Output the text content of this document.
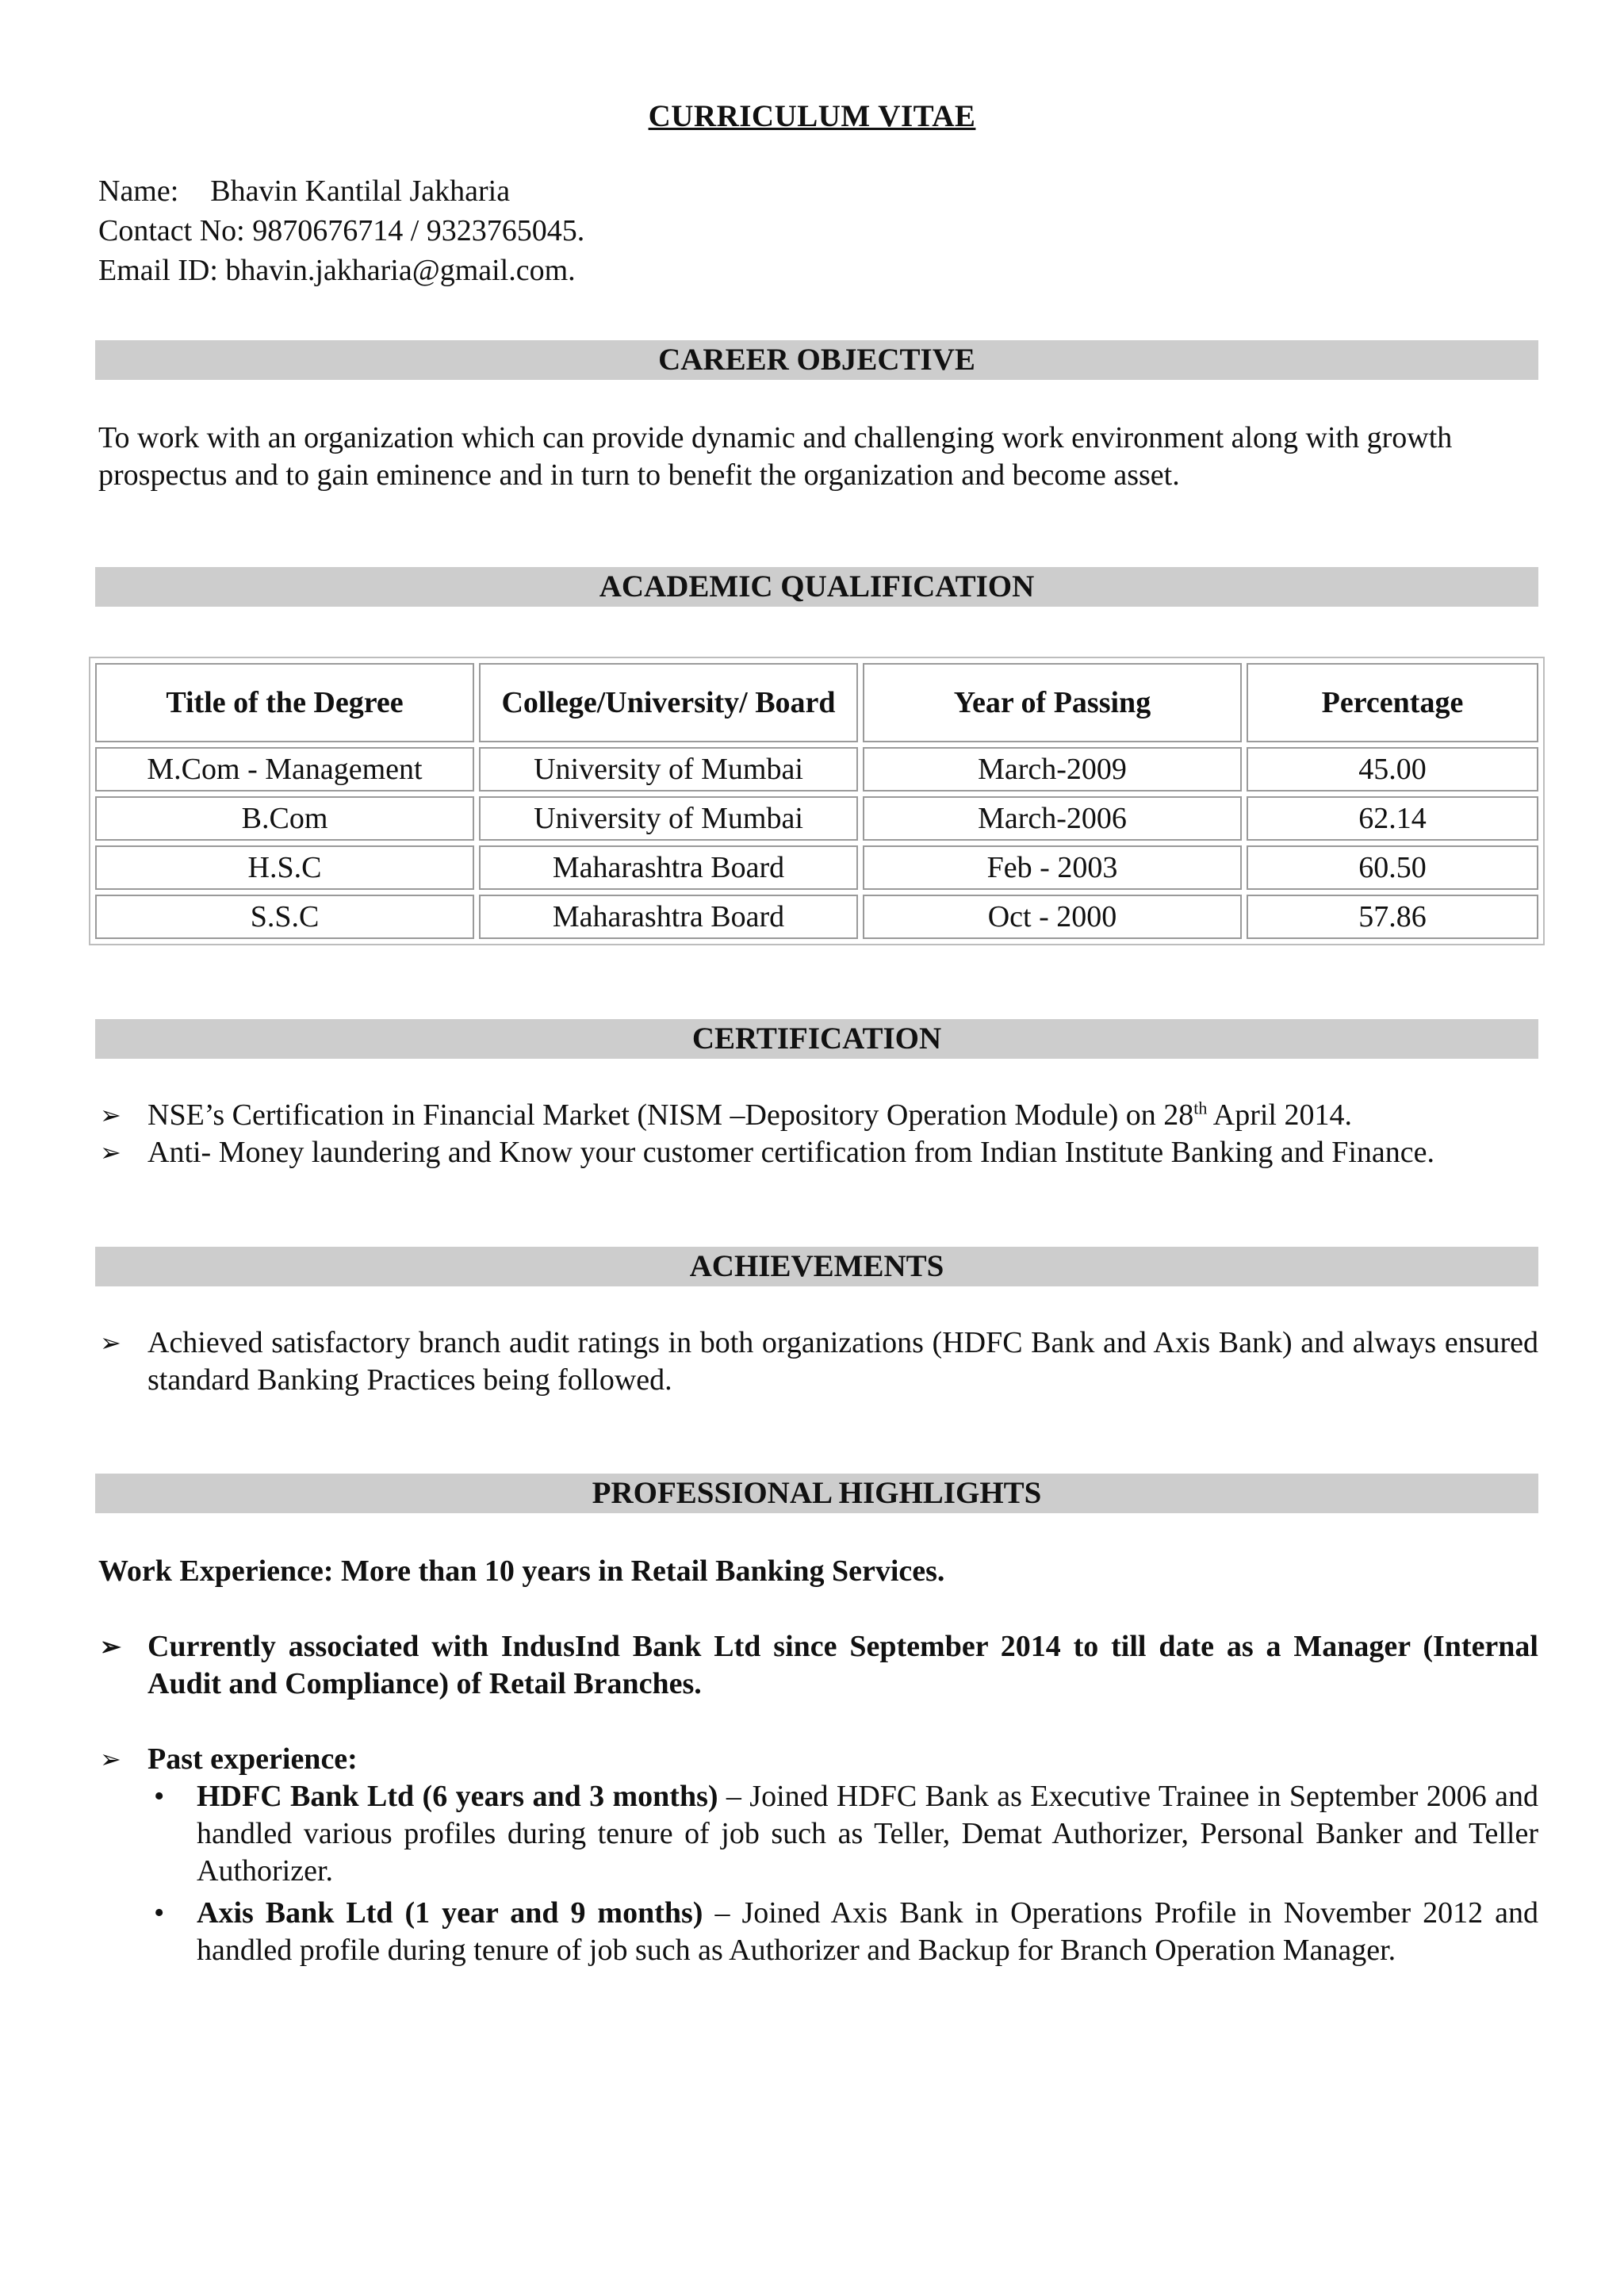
CURRICULUM VITAE
Name: Bhavin Kantilal Jakharia
Contact No: 9870676714 / 9323765045.
Email ID: bhavin.jakharia@gmail.com.
CAREER OBJECTIVE
To work with an organization which can provide dynamic and challenging work environment along with growth prospectus and to gain eminence and in turn to benefit the organization and become asset.
ACADEMIC QUALIFICATION
Title of the Degree	College/University/ Board	Year of Passing	Percentage
M.Com - Management	University of Mumbai	March-2009	45.00
B.Com	University of Mumbai	March-2006	62.14
H.S.C	Maharashtra Board	Feb - 2003	60.50
S.S.C	Maharashtra Board	Oct - 2000	57.86
CERTIFICATION
➢ NSE’s Certification in Financial Market (NISM –Depository Operation Module) on 28th April 2014.
➢ Anti- Money laundering and Know your customer certification from Indian Institute Banking and Finance.
ACHIEVEMENTS
➢ Achieved satisfactory branch audit ratings in both organizations (HDFC Bank and Axis Bank) and always ensured standard Banking Practices being followed.
PROFESSIONAL HIGHLIGHTS
Work Experience: More than 10 years in Retail Banking Services.
➢ Currently associated with IndusInd Bank Ltd since September 2014 to till date as a Manager (Internal Audit and Compliance) of Retail Branches.
➢ Past experience:
• HDFC Bank Ltd (6 years and 3 months) – Joined HDFC Bank as Executive Trainee in September 2006 and handled various profiles during tenure of job such as Teller, Demat Authorizer, Personal Banker and Teller Authorizer.
• Axis Bank Ltd (1 year and 9 months) – Joined Axis Bank in Operations Profile in November 2012 and handled profile during tenure of job such as Authorizer and Backup for Branch Operation Manager.
